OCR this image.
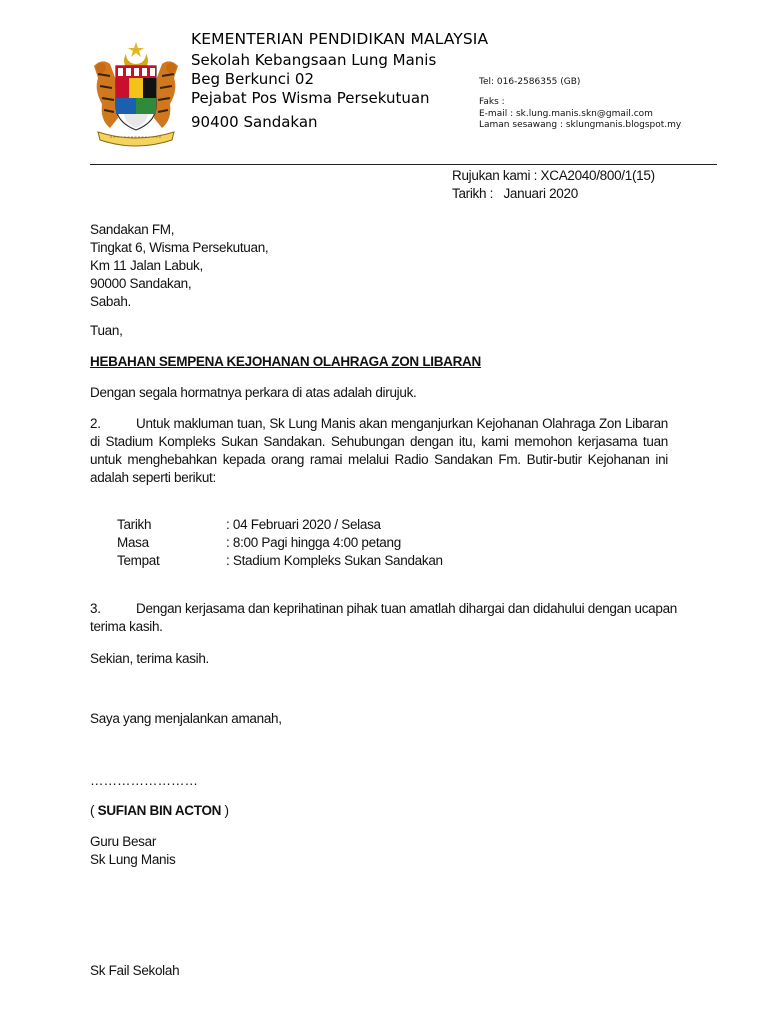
KEMENTERIAN PENDIDIKAN MALAYSIA
Sekolah Kebangsaan Lung Manis
Beg Berkunci 02
Pejabat Pos Wisma Persekutuan
90400 Sandakan
Tel: 016-2586355 (GB)
Faks :
E-mail : sk.lung.manis.skn@gmail.com
Laman sesawang : sklungmanis.blogspot.my
Rujukan kami : XCA2040/800/1(15)
Tarikh :   Januari 2020
Sandakan FM,
Tingkat 6, Wisma Persekutuan,
Km 11 Jalan Labuk,
90000 Sandakan,
Sabah.
Tuan,
HEBAHAN SEMPENA KEJOHANAN OLAHRAGA ZON LIBARAN
Dengan segala hormatnya perkara di atas adalah dirujuk.
2.	Untuk makluman tuan, Sk Lung Manis akan menganjurkan Kejohanan Olahraga Zon Libaran di Stadium Kompleks Sukan Sandakan. Sehubungan dengan itu, kami memohon kerjasama tuan untuk menghebahkan kepada orang ramai melalui Radio Sandakan Fm. Butir-butir Kejohanan ini adalah seperti berikut:
Tarikh	: 04 Februari 2020 / Selasa
Masa	: 8:00 Pagi hingga 4:00 petang
Tempat	: Stadium Kompleks Sukan Sandakan
3.	Dengan kerjasama dan keprihatinan pihak tuan amatlah dihargai dan didahului dengan ucapan terima kasih.
Sekian, terima kasih.
Saya yang menjalankan amanah,
……………………
( SUFIAN BIN ACTON )
Guru Besar
Sk Lung Manis
Sk Fail Sekolah
